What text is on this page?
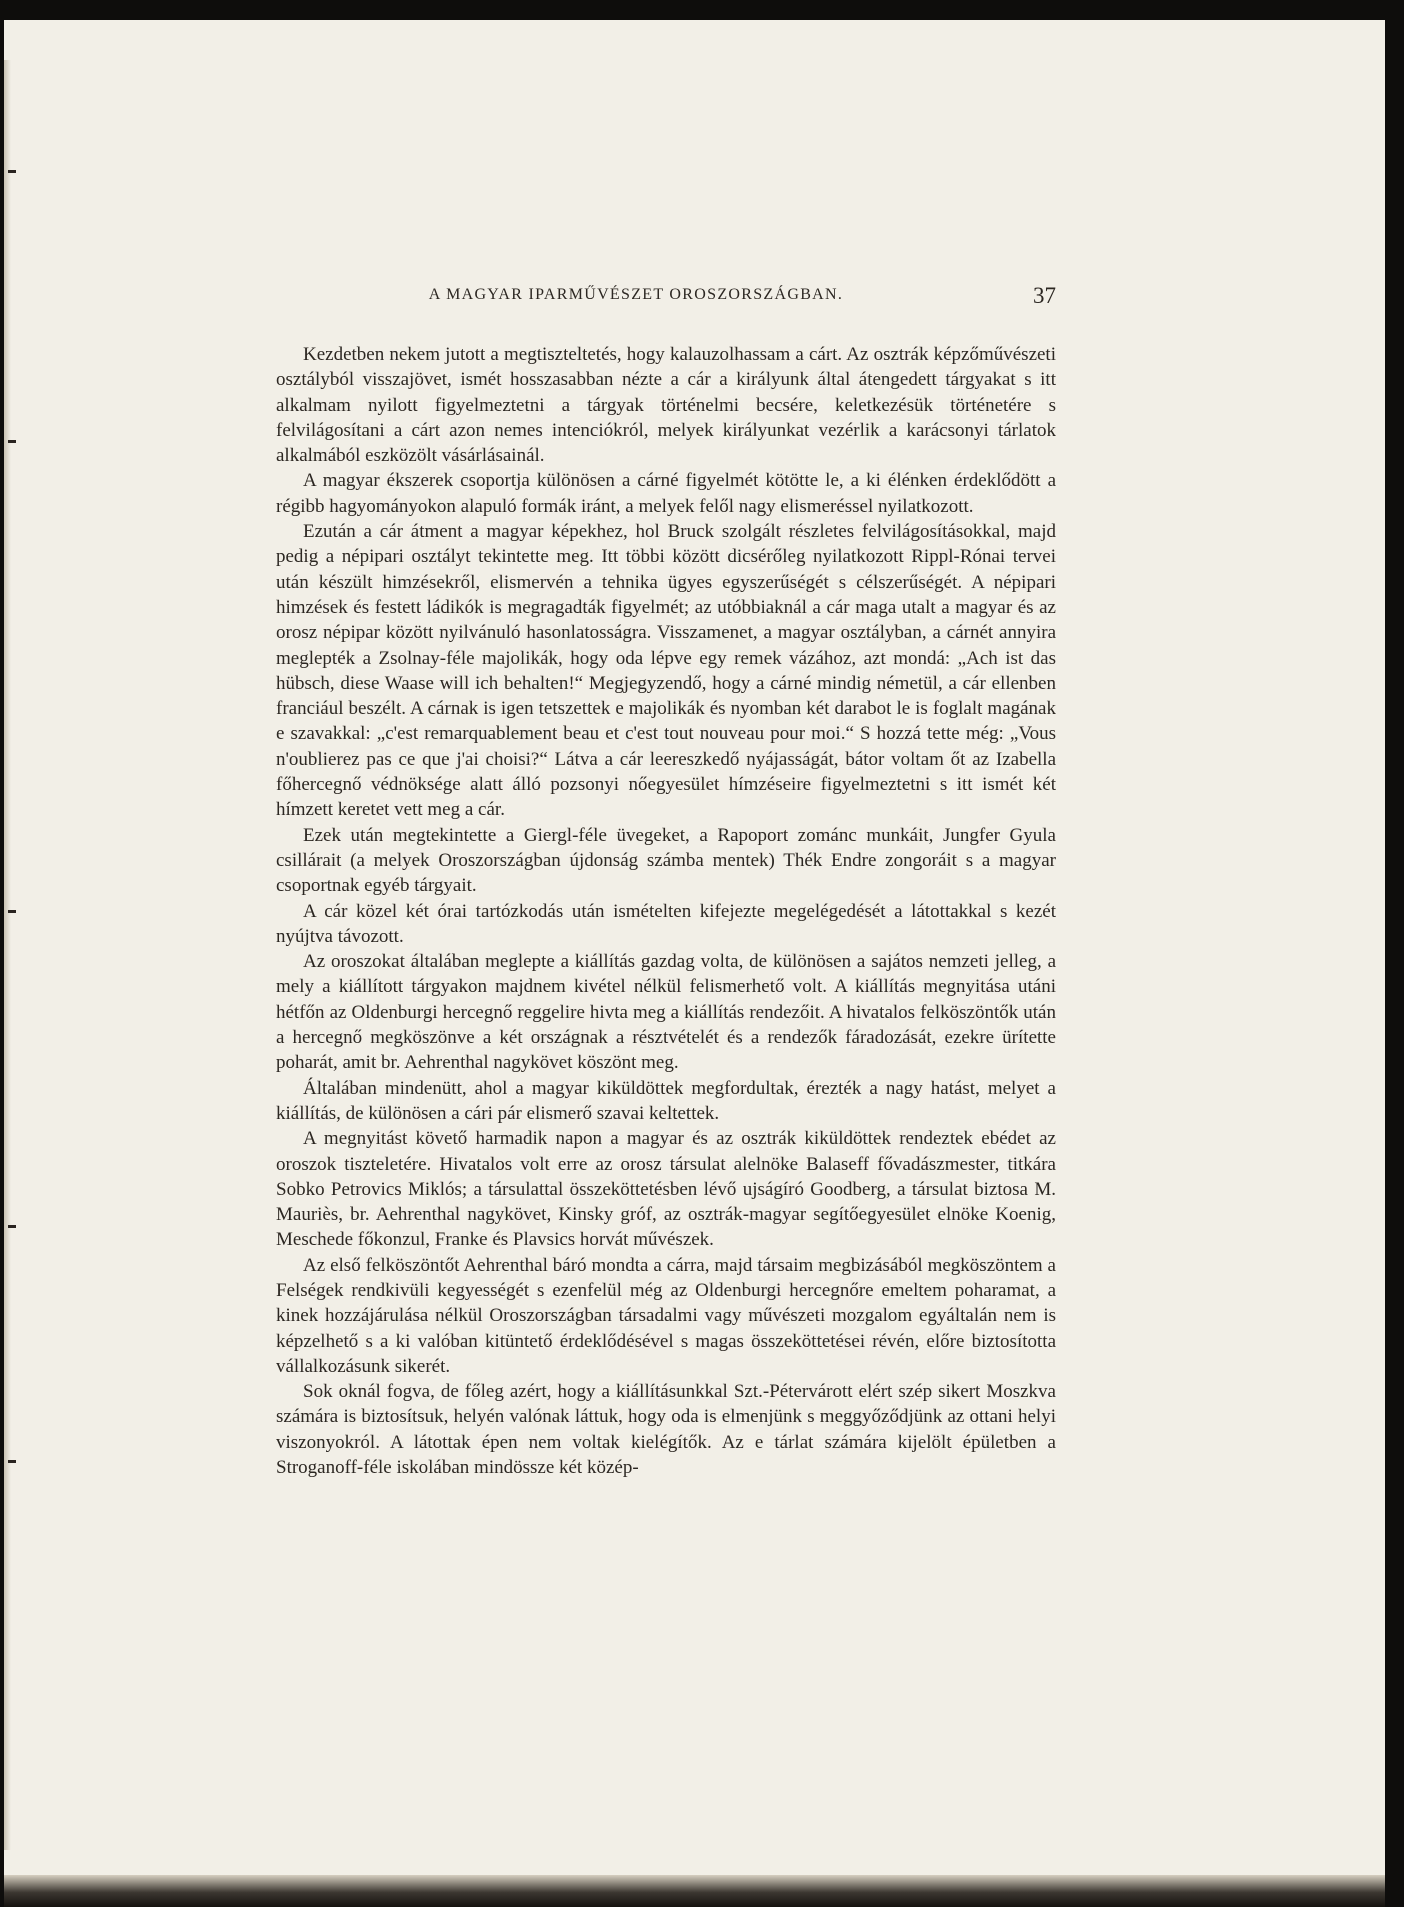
A MAGYAR IPARMŰVÉSZET OROSZORSZÁGBAN.	37

Kezdetben nekem jutott a megtiszteltetés, hogy kalauzolhassam a cárt. Az osztrák képzőművészeti osztályból visszajövet, ismét hosszasabban nézte a cár a királyunk által átengedett tárgyakat s itt alkalmam nyilott figyelmeztetni a tárgyak történelmi becsére, keletkezésük történetére s felvilágosítani a cárt azon nemes intenciókról, melyek királyunkat vezérlik a karácsonyi tárlatok alkalmából eszközölt vásárlásainál.

A magyar ékszerek csoportja különösen a cárné figyelmét kötötte le, a ki élénken érdeklődött a régibb hagyományokon alapuló formák iránt, a melyek felől nagy elismeréssel nyilatkozott.

Ezután a cár átment a magyar képekhez, hol Bruck szolgált részletes felvilágosításokkal, majd pedig a népipari osztályt tekintette meg. Itt többi között dicsérőleg nyilatkozott Rippl-Rónai tervei után készült himzésekről, elismervén a tehnika ügyes egyszerűségét s célszerűségét. A népipari himzések és festett ládikók is megragadták figyelmét; az utóbbiaknál a cár maga utalt a magyar és az orosz népipar között nyilvánuló hasonlatosságra. Visszamenet, a magyar osztályban, a cárnét annyira meglepték a Zsolnay-féle majolikák, hogy oda lépve egy remek vázához, azt mondá: „Ach ist das hübsch, diese Waase will ich behalten!“ Megjegyzendő, hogy a cárné mindig németül, a cár ellenben franciául beszélt. A cárnak is igen tetszettek e majolikák és nyomban két darabot le is foglalt magának e szavakkal: „c'est remarquablement beau et c'est tout nouveau pour moi.“ S hozzá tette még: „Vous n'oublierez pas ce que j'ai choisi?“ Látva a cár leereszkedő nyájasságát, bátor voltam őt az Izabella főhercegnő védnöksége alatt álló pozsonyi nőegyesület hímzéseire figyelmeztetni s itt ismét két hímzett keretet vett meg a cár.

Ezek után megtekintette a Giergl-féle üvegeket, a Rapoport zománc munkáit, Jungfer Gyula csillárait (a melyek Oroszországban újdonság számba mentek) Thék Endre zongoráit s a magyar csoportnak egyéb tárgyait.

A cár közel két órai tartózkodás után ismételten kifejezte megelégedését a látottakkal s kezét nyújtva távozott.

Az oroszokat általában meglepte a kiállítás gazdag volta, de különösen a sajátos nemzeti jelleg, a mely a kiállított tárgyakon majdnem kivétel nélkül felismerhető volt. A kiállítás megnyitása utáni hétfőn az Oldenburgi hercegnő reggelire hivta meg a kiállítás rendezőit. A hivatalos felköszöntők után a hercegnő megköszönve a két országnak a résztvételét és a rendezők fáradozását, ezekre ürítette poharát, amit br. Aehrenthal nagykövet köszönt meg.

Általában mindenütt, ahol a magyar kiküldöttek megfordultak, érezték a nagy hatást, melyet a kiállítás, de különösen a cári pár elismerő szavai keltettek.

A megnyitást követő harmadik napon a magyar és az osztrák kiküldöttek rendeztek ebédet az oroszok tiszteletére. Hivatalos volt erre az orosz társulat alelnöke Balaseff fővadászmester, titkára Sobko Petrovics Miklós; a társulattal összeköttetésben lévő ujságíró Goodberg, a társulat biztosa M. Mauriès, br. Aehrenthal nagykövet, Kinsky gróf, az osztrák-magyar segítőegyesület elnöke Koenig, Meschede főkonzul, Franke és Plavsics horvát művészek.

Az első felköszöntőt Aehrenthal báró mondta a cárra, majd társaim megbizásából megköszöntem a Felségek rendkivüli kegyességét s ezenfelül még az Oldenburgi hercegnőre emeltem poharamat, a kinek hozzájárulása nélkül Oroszországban társadalmi vagy művészeti mozgalom egyáltalán nem is képzelhető s a ki valóban kitüntető érdeklődésével s magas összeköttetései révén, előre biztosította vállalkozásunk sikerét.

Sok oknál fogva, de főleg azért, hogy a kiállításunkkal Szt.-Pétervárott elért szép sikert Moszkva számára is biztosítsuk, helyén valónak láttuk, hogy oda is elmenjünk s meggyőződjünk az ottani helyi viszonyokról. A látottak épen nem voltak kielégítők. Az e tárlat számára kijelölt épületben a Stroganoff-féle iskolában mindössze két közép-
